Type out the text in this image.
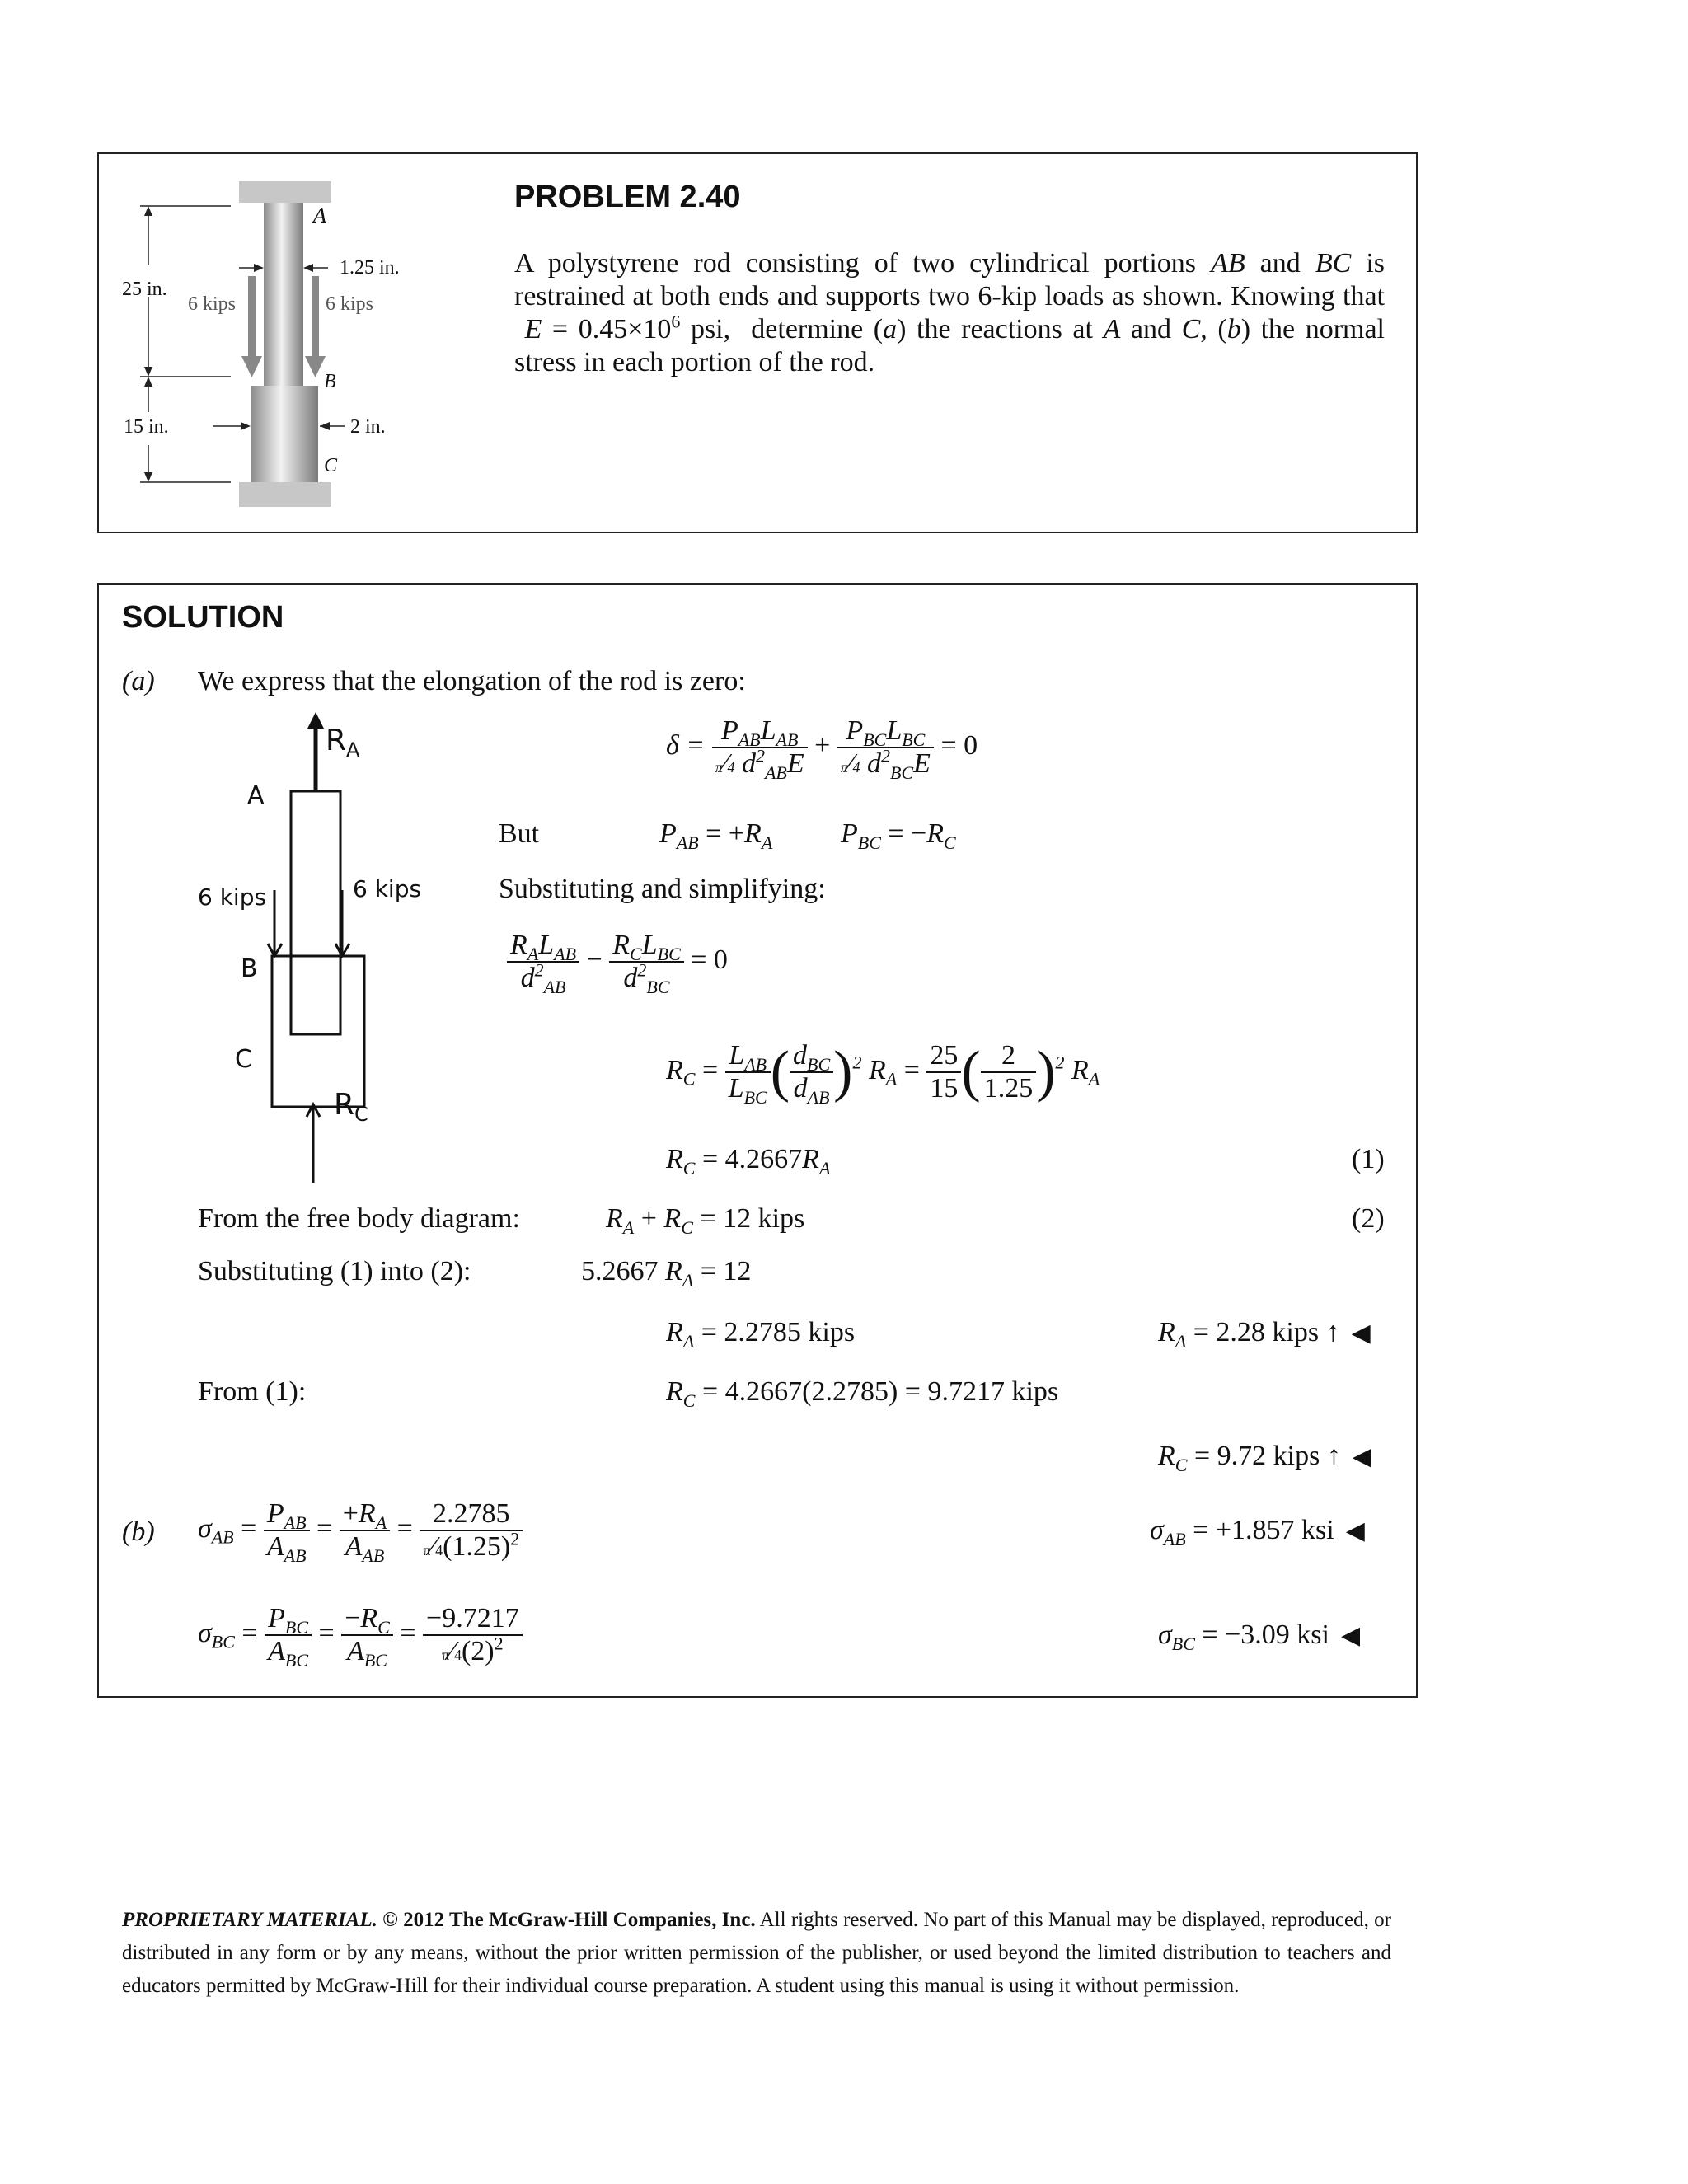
A
25 in.
6 kips
1.25 in.
6 kips
B
15 in.	2 in.
C
PROBLEM 2.40
A polystyrene rod consisting of two cylindrical portions AB and BC is restrained at both ends and supports two 6-kip loads as shown. Knowing that  $E = 0.45\times 10^6$ psi,  determine (a) the reactions at A and C, (b) the normal stress in each portion of the rod.
SOLUTION
(a) We express that the elongation of the rod is zero:
$R_A$
A
6 kips	6 kips
B
C
$R_C$
$\delta = \frac{P_{AB}L_{AB}}{\pi⁄4 d^2_{AB}E} + \frac{P_{BC}L_{BC}}{\pi⁄4 d^2_{BC}E} = 0$
But	$P_{AB} = +R_A$ $P_{BC} = -R_C$
Substituting and simplifying:
$\frac{R_AL_{AB}}{d^2_{AB}} - \frac{R_CL_{BC}}{d^2_{BC}} = 0$
$R_C = \frac{L_{AB}}{L_{BC}}$ ( $\frac{d_{BC}}{d_{AB}} )^2$ $R_A = \frac{25}{15}$ ( $\frac{2}{1.25} )^2$ $R_A$
$R_C = 4.2667R_A$	(1)
From the free body diagram:	$R_A + R_C = 12$ kips	(2)
Substituting (1) into (2):	5.2667 $R_A = 12$
$R_A = 2.2785$ kips	$R_A = 2.28$ kips ↑ ◀
From (1):	$R_C = 4.2667(2.2785) = 9.7217$ kips
$R_C = 9.72$ kips ↑ ◀
(b) $\sigma_{AB} = \frac{P_{AB}}{A_{AB}} = \frac{+R_A}{A_{AB}} = \frac{2.2785}{\pi⁄4(1.25)^2}$	$\sigma_{AB} = +1.857$ ksi ◀
$\sigma_{BC} = \frac{P_{BC}}{A_{BC}} = \frac{-R_C}{A_{BC}} = \frac{-9.7217}{\pi⁄4(2)^2}$	$\sigma_{BC} = -3.09$ ksi ◀
PROPRIETARY MATERIAL. © 2012 The McGraw-Hill Companies, Inc. All rights reserved. No part of this Manual may be displayed, reproduced, or distributed in any form or by any means, without the prior written permission of the publisher, or used beyond the limited distribution to teachers and educators permitted by McGraw-Hill for their individual course preparation. A student using this manual is using it without permission.
